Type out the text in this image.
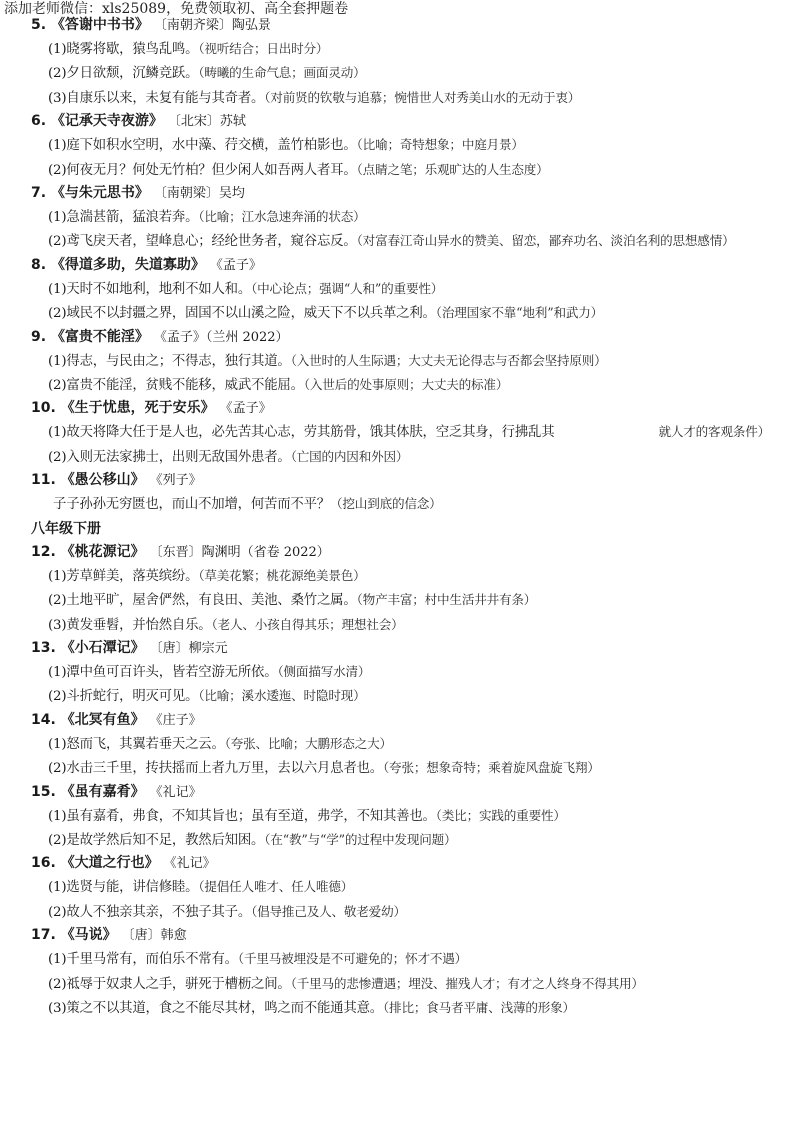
添加老师微信：xls25089，免费领取初、高全套押题卷
5. 《答谢中书书》 〔南朝齐梁〕陶弘景
(1)晓雾将歇，猿鸟乱鸣。（视听结合；日出时分）
(2)夕日欲颓，沉鳞竞跃。（畴曦的生命气息；画面灵动）
(3)自康乐以来，未复有能与其奇者。（对前贤的钦敬与追慕；惋惜世人对秀美山水的无动于衷）
6. 《记承天寺夜游》 〔北宋〕苏轼
(1)庭下如积水空明，水中藻、荇交横，盖竹柏影也。（比喻；奇特想象；中庭月景）
(2)何夜无月？何处无竹柏？但少闲人如吾两人者耳。（点睛之笔；乐观旷达的人生态度）
7. 《与朱元思书》 〔南朝梁〕吴均
(1)急湍甚箭，猛浪若奔。（比喻；江水急速奔涌的状态）
(2)鸢飞戾天者，望峰息心；经纶世务者，窥谷忘反。（对富春江奇山异水的赞美、留恋，鄙弃功名、淡泊名利的思想感情）
8. 《得道多助，失道寡助》 《孟子》
(1)天时不如地利，地利不如人和。（中心论点；强调“人和”的重要性）
(2)域民不以封疆之界，固国不以山溪之险，威天下不以兵革之利。（治理国家不靠“地利”和武力）
9. 《富贵不能淫》 《孟子》（兰州 2022）
(1)得志，与民由之；不得志，独行其道。（入世时的人生际遇；大丈夫无论得志与否都会坚持原则）
(2)富贵不能淫，贫贱不能移，威武不能屈。（入世后的处事原则；大丈夫的标准）
10. 《生于忧患，死于安乐》 《孟子》
(1)故天将降大任于是人也，必先苦其心志，劳其筋骨，饿其体肤，空乏其身，行拂乱其	就人才的客观条件）
(2)入则无法家拂士，出则无敌国外患者。（亡国的内因和外因）
11. 《愚公移山》 《列子》
子子孙孙无穷匮也，而山不加增，何苦而不平？（挖山到底的信念）
八年级下册
12. 《桃花源记》 〔东晋〕陶渊明（省卷 2022）
(1)芳草鲜美，落英缤纷。（草美花繁；桃花源绝美景色）
(2)土地平旷，屋舍俨然，有良田、美池、桑竹之属。（物产丰富；村中生活井井有条）
(3)黄发垂髫，并怡然自乐。（老人、小孩自得其乐；理想社会）
13. 《小石潭记》 〔唐〕柳宗元
(1)潭中鱼可百许头，皆若空游无所依。（侧面描写水清）
(2)斗折蛇行，明灭可见。（比喻；溪水逶迤、时隐时现）
14. 《北冥有鱼》 《庄子》
(1)怒而飞，其翼若垂天之云。（夸张、比喻；大鹏形态之大）
(2)水击三千里，抟扶摇而上者九万里，去以六月息者也。（夸张；想象奇特；乘着旋风盘旋飞翔）
15. 《虽有嘉肴》 《礼记》
(1)虽有嘉肴，弗食，不知其旨也；虽有至道，弗学，不知其善也。（类比；实践的重要性）
(2)是故学然后知不足，教然后知困。（在“教”与“学”的过程中发现问题）
16. 《大道之行也》 《礼记》
(1)选贤与能，讲信修睦。（提倡任人唯才、任人唯德）
(2)故人不独亲其亲，不独子其子。（倡导推己及人、敬老爱幼）
17. 《马说》 〔唐〕韩愈
(1)千里马常有，而伯乐不常有。（千里马被埋没是不可避免的；怀才不遇）
(2)祗辱于奴隶人之手，骈死于槽枥之间。（千里马的悲惨遭遇；埋没、摧残人才；有才之人终身不得其用）
(3)策之不以其道，食之不能尽其材，鸣之而不能通其意。（排比；食马者平庸、浅薄的形象）
